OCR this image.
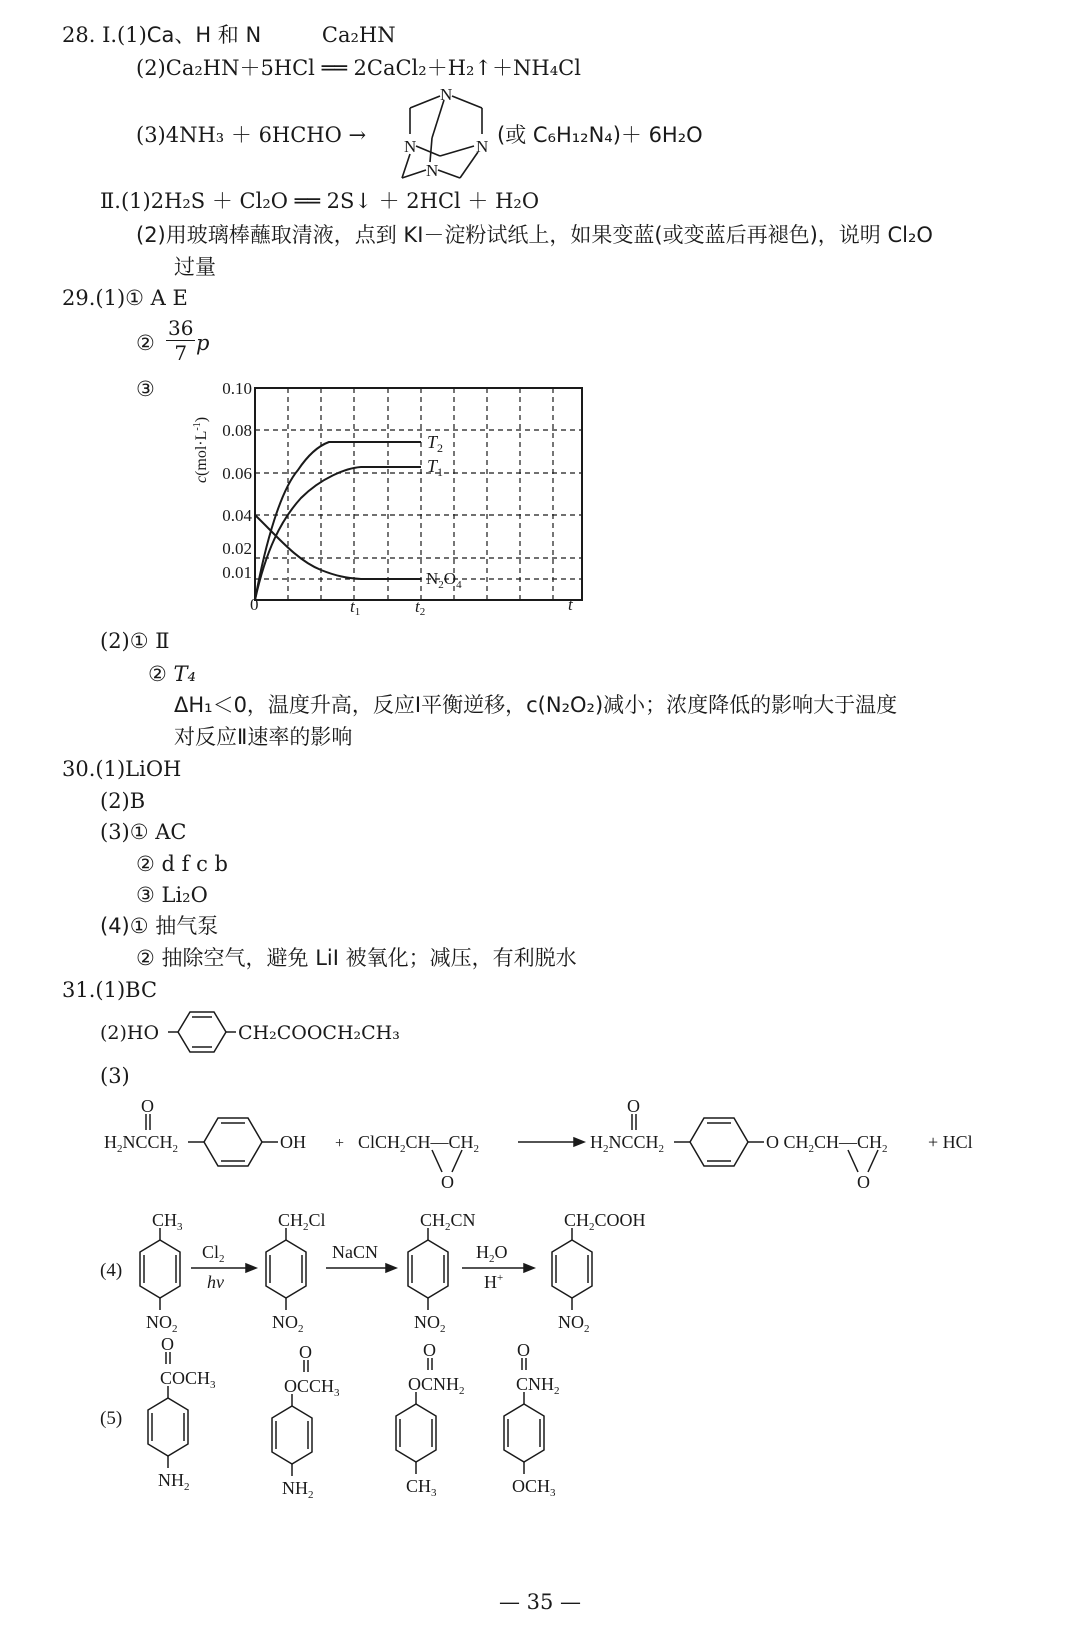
28. Ⅰ.(1)Ca、H 和 N	Ca₂HN
(2)Ca₂HN＋5HCl ══ 2CaCl₂＋H₂↑＋NH₄Cl
(3)4NH₃ ＋ 6HCHO →
N
N	N
N
(或 C₆H₁₂N₄)＋ 6H₂O
Ⅱ.(1)2H₂S ＋ Cl₂O ══ 2S↓ ＋ 2HCl ＋ H₂O
(2)用玻璃棒蘸取清液，点到 KI－淀粉试纸上，如果变蓝(或变蓝后再褪色)，说明 Cl₂O
过量
29.(1)① A E
② $\frac{36}{7}$ p
③
$T_2$
$T_1$
$N_2O_4$
0.10
0.08
0.06
0.04
0.02
0.01
$c(mol\cdot L^{-1})$
0	t1	t2	t
(2)① Ⅱ
② T₄
ΔH₁＜0，温度升高，反应Ⅰ平衡逆移，c(N₂O₂)减小；浓度降低的影响大于温度
对反应Ⅱ速率的影响
30.(1)LiOH
(2)B
(3)① AC
② d f c b
③ Li₂O
(4)① 抽气泵
② 抽除空气，避免 LiI 被氧化；减压，有利脱水
31.(1)BC
(2)HO	CH₂COOCH₂CH₃
(3)
O
$H_2NCCH_2$	OH + $ClCH_2CH—CH_2$
O
O
$H_2NCCH_2$	O $CH_2CH—CH_2$
O
+ HCl
(4)
$CH_3$	$CH_2Cl$	$CH_2CN$	$CH_2COOH$
$Cl_2$
hv
NaCN	$H_2O$
H+
$NO_2$	$NO_2$	$NO_2$	$NO_2$
(5)
O
$COCH_3$
$NH_2$
O
$OCCH_3$
$NH_2$
O
$OCNH_2$
$CH_3$
O
$CNH_2$
$OCH_3$
— 35 —
